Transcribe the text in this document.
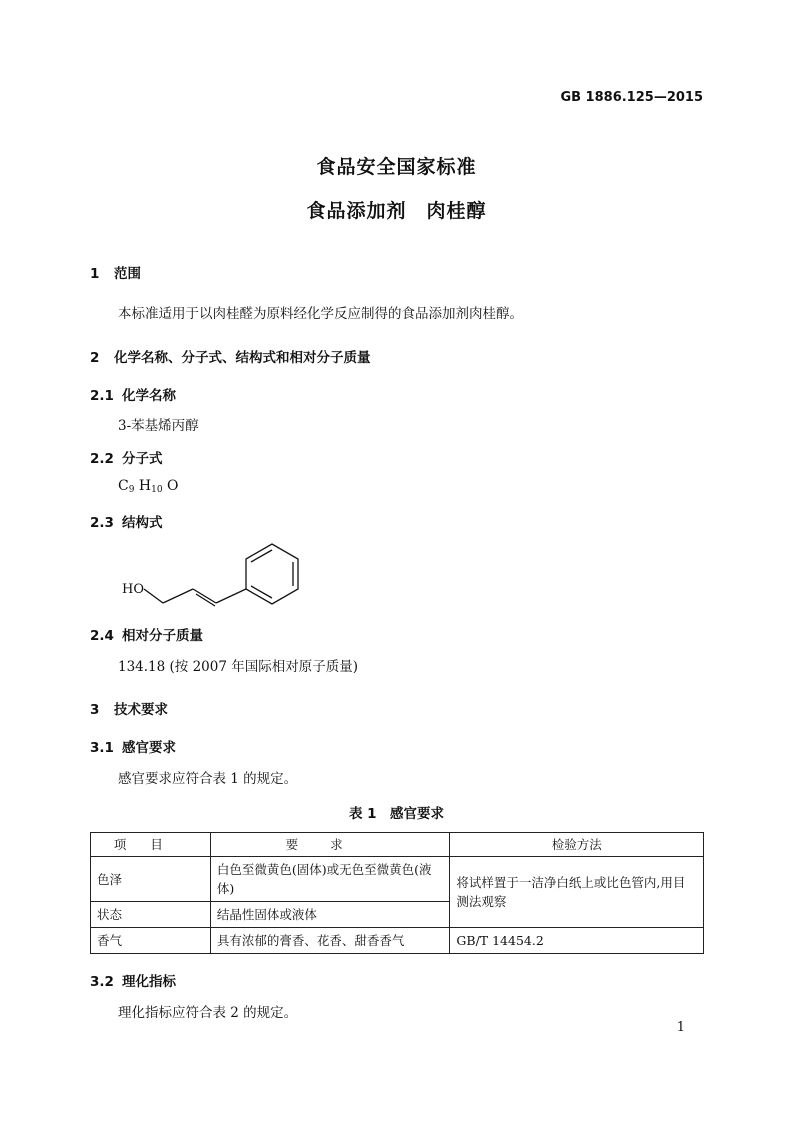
GB 1886.125—2015
食品安全国家标准
食品添加剂　肉桂醇
1 范围
本标准适用于以肉桂醛为原料经化学反应制得的食品添加剂肉桂醇。
2 化学名称、分子式、结构式和相对分子质量
2.1 化学名称
3-苯基烯丙醇
2.2 分子式
$C_9$ $H_{10}$ O
2.3 结构式
HO
2.4 相对分子质量
134.18 (按 2007 年国际相对原子质量)
3 技术要求
3.1 感官要求
感官要求应符合表 1 的规定。
表 1　感官要求
项目	要求	检验方法
色泽	白色至微黄色(固体)或无色至微黄色(液体)	将试样置于一洁净白纸上或比色管内,用目测法观察
状态	结晶性固体或液体	
香气	具有浓郁的膏香、花香、甜香香气	GB/T 14454.2
3.2 理化指标
理化指标应符合表 2 的规定。
1
